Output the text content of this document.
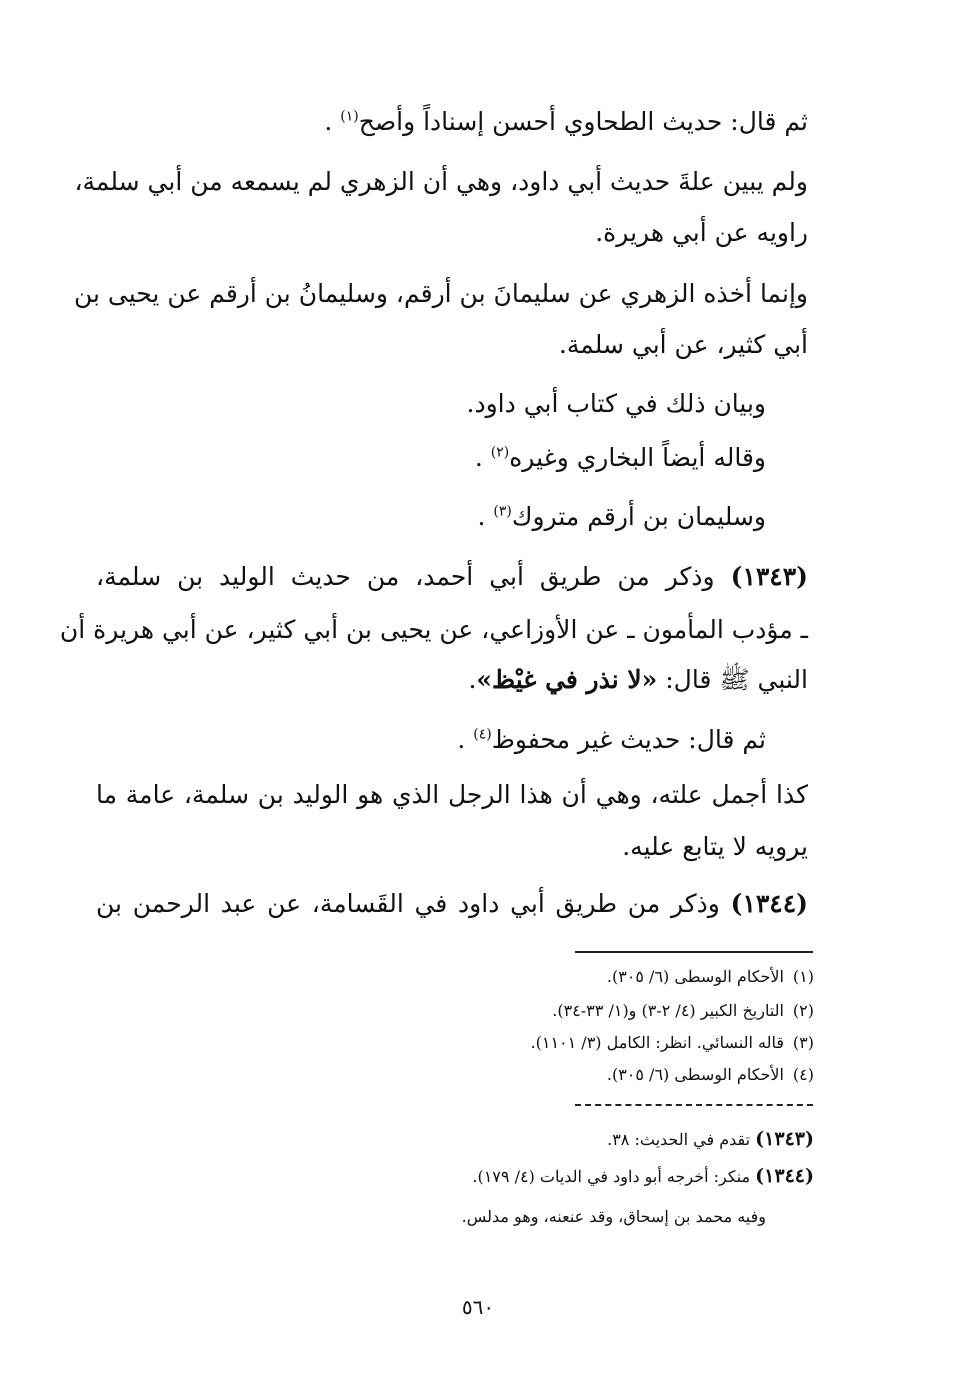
ثم قال: حديث الطحاوي أحسن إسناداً وأصح$^{(١)}$ .
ولم يبين علةَ حديث أبي داود، وهي أن الزهري لم يسمعه من أبي سلمة،
راويه عن أبي هريرة.
وإنما أخذه الزهري عن سليمانَ بن أرقم، وسليمانُ بن أرقم عن يحيى بن
أبي كثير، عن أبي سلمة.
وبيان ذلك في كتاب أبي داود.
وقاله أيضاً البخاري وغيره$^{(٢)}$ .
وسليمان بن أرقم متروك$^{(٣)}$ .
(١٣٤٣) وذكر من طريق أبي أحمد، من حديث الوليد بن سلمة،
ـ مؤدب المأمون ـ عن الأوزاعي، عن يحيى بن أبي كثير، عن أبي هريرة أن
النبي ﷺ قال: «لا نذر في غيْظ».
ثم قال: حديث غير محفوظ$^{(٤)}$ .
كذا أجمل علته، وهي أن هذا الرجل الذي هو الوليد بن سلمة، عامة ما
يرويه لا يتابع عليه.
(١٣٤٤) وذكر من طريق أبي داود في القَسامة، عن عبد الرحمن بن
(١)الأحكام الوسطى (٦/ ٣٠٥).
(٢)التاريخ الكبير (٤/ ٢-٣) و(١/ ٣٣-٣٤).
(٣)قاله النسائي. انظر: الكامل (٣/ ١١٠١).
(٤)الأحكام الوسطى (٦/ ٣٠٥).
(١٣٤٣) تقدم في الحديث: ٣٨.
(١٣٤٤) منكر: أخرجه أبو داود في الديات (٤/ ١٧٩).
وفيه محمد بن إسحاق، وقد عنعنه، وهو مدلس.
٥٦٠
